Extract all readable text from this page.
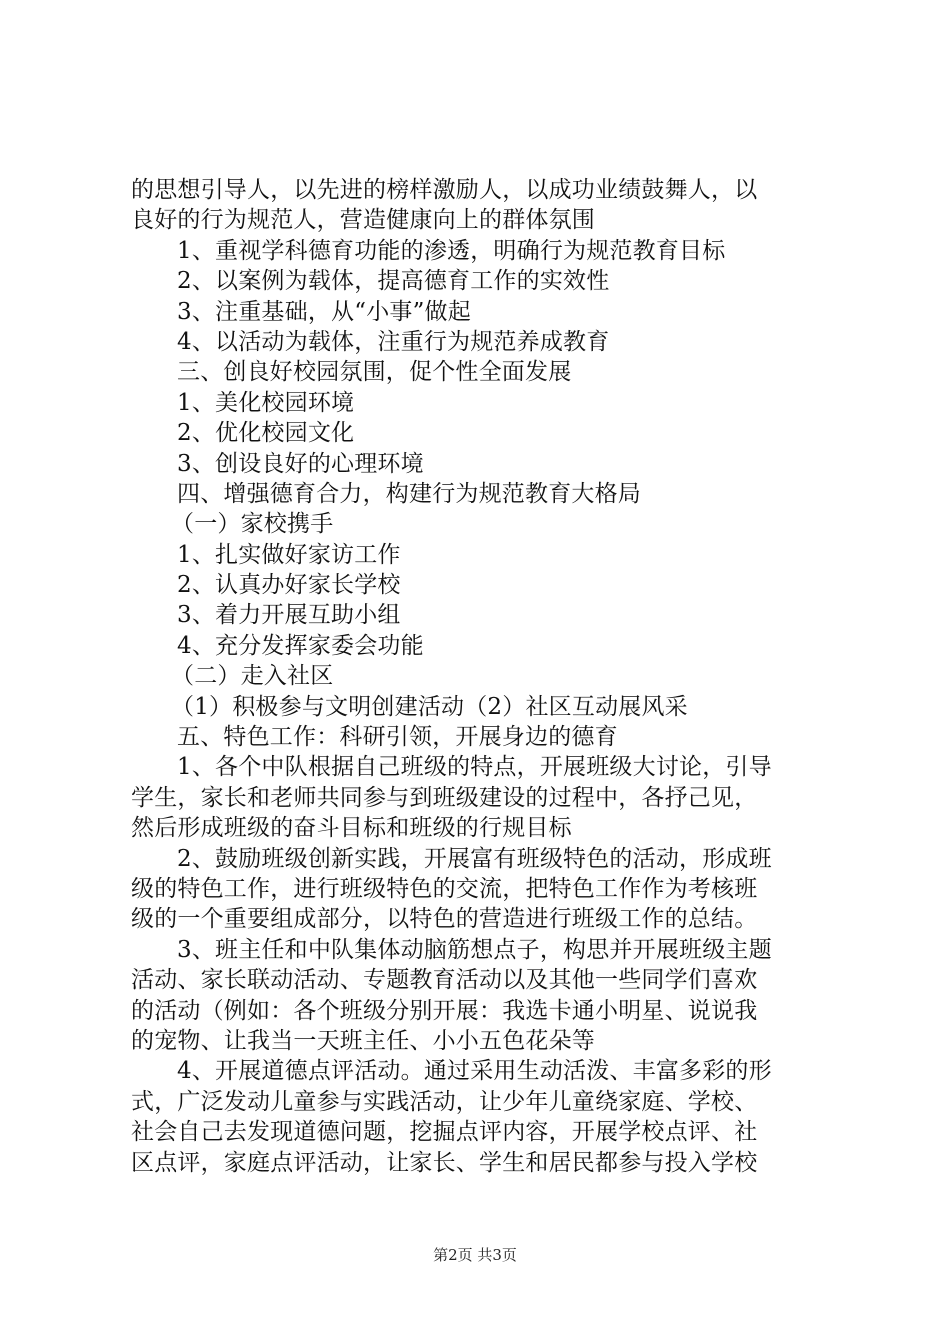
的思想引导人，以先进的榜样激励人，以成功业绩鼓舞人，以
良好的行为规范人，营造健康向上的群体氛围
1、重视学科德育功能的渗透，明确行为规范教育目标
2、以案例为载体，提高德育工作的实效性
3、注重基础，从“小事”做起
4、以活动为载体，注重行为规范养成教育
三、创良好校园氛围，促个性全面发展
1、美化校园环境
2、优化校园文化
3、创设良好的心理环境
四、增强德育合力，构建行为规范教育大格局
（一）家校携手
1、扎实做好家访工作
2、认真办好家长学校
3、着力开展互助小组
4、充分发挥家委会功能
（二）走入社区
（1）积极参与文明创建活动（2）社区互动展风采
五、特色工作：科研引领，开展身边的德育
1、各个中队根据自己班级的特点，开展班级大讨论，引导
学生，家长和老师共同参与到班级建设的过程中，各抒己见，
然后形成班级的奋斗目标和班级的行规目标
2、鼓励班级创新实践，开展富有班级特色的活动，形成班
级的特色工作，进行班级特色的交流，把特色工作作为考核班
级的一个重要组成部分，以特色的营造进行班级工作的总结。
3、班主任和中队集体动脑筋想点子，构思并开展班级主题
活动、家长联动活动、专题教育活动以及其他一些同学们喜欢
的活动（例如：各个班级分别开展：我选卡通小明星、说说我
的宠物、让我当一天班主任、小小五色花朵等
4、开展道德点评活动。通过采用生动活泼、丰富多彩的形
式，广泛发动儿童参与实践活动，让少年儿童绕家庭、学校、
社会自己去发现道德问题，挖掘点评内容，开展学校点评、社
区点评，家庭点评活动，让家长、学生和居民都参与投入学校
第2页 共3页
